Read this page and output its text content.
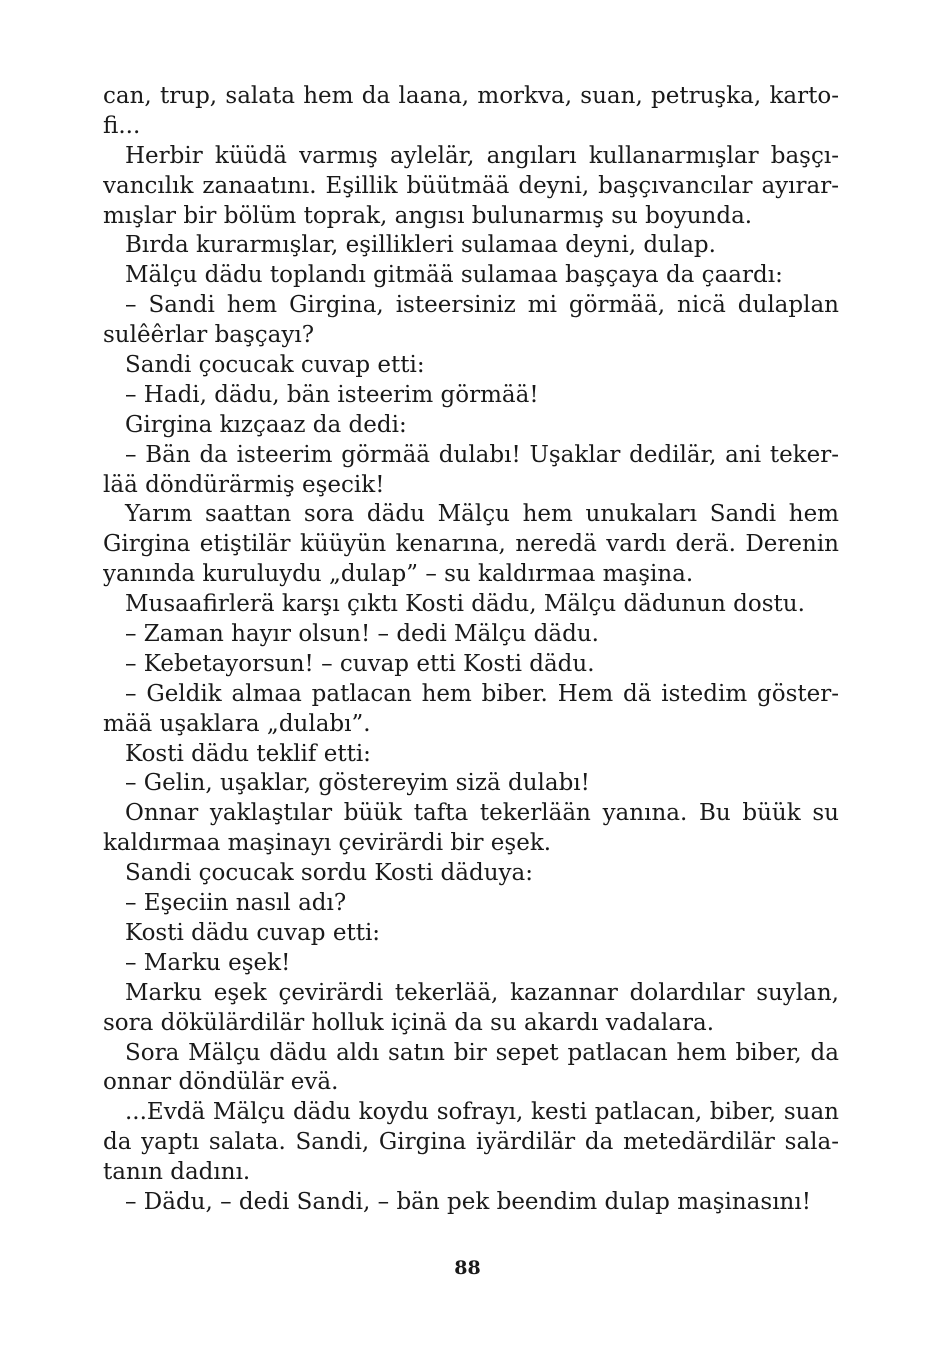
can, trup, salata hem da laana, morkva, suan, petruşka, karto-
fi...
Herbir küüdä varmış aylelär, angıları kullanarmışlar başçı-
vancılık zanaatını. Eşillik büütmää deyni, başçıvancılar ayırar-
mışlar bir bölüm toprak, angısı bulunarmış su boyunda.
Bırda kurarmışlar, eşillikleri sulamaa deyni, dulap.
Mälçu dädu toplandı gitmää sulamaa başçaya da çaardı:
– Sandi hem Girgina, isteersiniz mi görmää, nicä dulaplan
sulêêrlar başçayı?
Sandi çocucak cuvap etti:
– Hadi, dädu, bän isteerim görmää!
Girgina kızçaaz da dedi:
– Bän da isteerim görmää dulabı! Uşaklar dedilär, ani teker-
lää döndürärmiş eşecik!
Yarım saattan sora dädu Mälçu hem unukaları Sandi hem
Girgina etiştilär küüyün kenarına, neredä vardı derä. Derenin
yanında kuruluydu „dulap” – su kaldırmaa maşina.
Musaafirlerä karşı çıktı Kosti dädu, Mälçu dädunun dostu.
– Zaman hayır olsun! – dedi Mälçu dädu.
– Kebetayorsun! – cuvap etti Kosti dädu.
– Geldik almaa patlacan hem biber. Hem dä istedim göster-
mää uşaklara „dulabı”.
Kosti dädu teklif etti:
– Gelin, uşaklar, göstereyim sizä dulabı!
Onnar yaklaştılar büük tafta tekerlään yanına. Bu büük su
kaldırmaa maşinayı çevirärdi bir eşek.
Sandi çocucak sordu Kosti däduya:
– Eşeciin nasıl adı?
Kosti dädu cuvap etti:
– Marku eşek!
Marku eşek çevirärdi tekerlää, kazannar dolardılar suylan,
sora dökülärdilär holluk içinä da su akardı vadalara.
Sora Mälçu dädu aldı satın bir sepet patlacan hem biber, da
onnar döndülär evä.
...Evdä Mälçu dädu koydu sofrayı, kesti patlacan, biber, suan
da yaptı salata. Sandi, Girgina iyärdilär da metedärdilär sala-
tanın dadını.
– Dädu, – dedi Sandi, – bän pek beendim dulap maşinasını!
88
